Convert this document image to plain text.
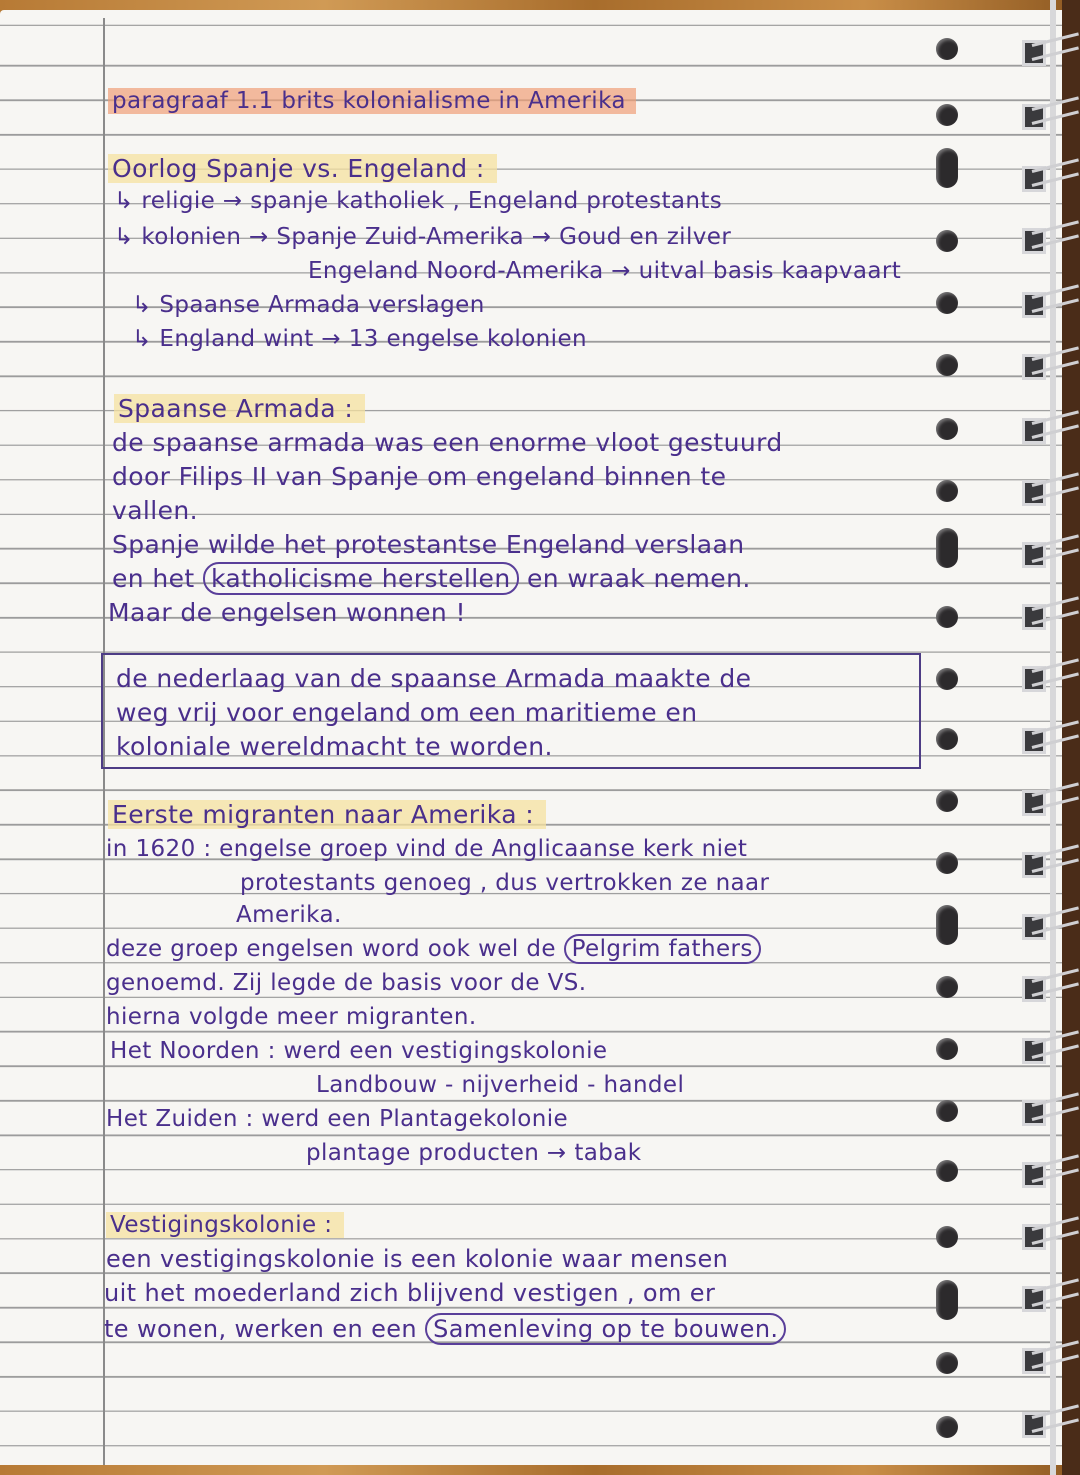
paragraaf 1.1 brits kolonialisme in Amerika
Oorlog Spanje vs. Engeland :
↳ religie → spanje katholiek , Engeland protestants
↳ kolonien → Spanje Zuid-Amerika → Goud en zilver
Engeland Noord-Amerika → uitval basis kaapvaart
↳ Spaanse Armada verslagen
↳ England wint → 13 engelse kolonien
Spaanse Armada :
de spaanse armada was een enorme vloot gestuurd
door Filips II van Spanje om engeland binnen te
vallen.
Spanje wilde het protestantse Engeland verslaan
en het katholicisme herstellen en wraak nemen.
Maar de engelsen wonnen !
de nederlaag van de spaanse Armada maakte de
weg vrij voor engeland om een maritieme en
koloniale wereldmacht te worden.
Eerste migranten naar Amerika :
in 1620 : engelse groep vind de Anglicaanse kerk niet
protestants genoeg , dus vertrokken ze naar
Amerika.
deze groep engelsen word ook wel de Pelgrim fathers
genoemd. Zij legde de basis voor de VS.
hierna volgde meer migranten.
Het Noorden : werd een vestigingskolonie
Landbouw - nijverheid - handel
Het Zuiden : werd een Plantagekolonie
plantage producten → tabak
Vestigingskolonie :
een vestigingskolonie is een kolonie waar mensen
uit het moederland zich blijvend vestigen , om er
te wonen, werken en een Samenleving op te bouwen.
